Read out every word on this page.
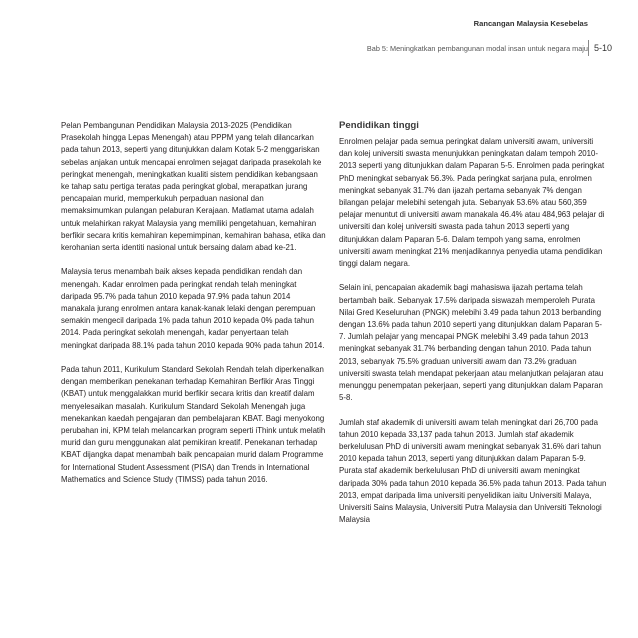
Rancangan Malaysia Kesebelas
Bab 5: Meningkatkan pembangunan modal insan untuk negara maju 5-10

Pelan Pembangunan Pendidikan Malaysia 2013-2025 (Pendidikan Prasekolah hingga Lepas Menengah) atau PPPM yang telah dilancarkan pada tahun 2013, seperti yang ditunjukkan dalam Kotak 5-2 menggariskan sebelas anjakan untuk mencapai enrolmen sejagat daripada prasekolah ke peringkat menengah, meningkatkan kualiti sistem pendidikan kebangsaan ke tahap satu pertiga teratas pada peringkat global, merapatkan jurang pencapaian murid, memperkukuh perpaduan nasional dan memaksimumkan pulangan pelaburan Kerajaan. Matlamat utama adalah untuk melahirkan rakyat Malaysia yang memiliki pengetahuan, kemahiran berfikir secara kritis kemahiran kepemimpinan, kemahiran bahasa, etika dan kerohanian serta identiti nasional untuk bersaing dalam abad ke-21.

Malaysia terus menambah baik akses kepada pendidikan rendah dan menengah. Kadar enrolmen pada peringkat rendah telah meningkat daripada 95.7% pada tahun 2010 kepada 97.9% pada tahun 2014 manakala jurang enrolmen antara kanak-kanak lelaki dengan perempuan semakin mengecil daripada 1% pada tahun 2010 kepada 0% pada tahun 2014. Pada peringkat sekolah menengah, kadar penyertaan telah meningkat daripada 88.1% pada tahun 2010 kepada 90% pada tahun 2014.

Pada tahun 2011, Kurikulum Standard Sekolah Rendah telah diperkenalkan dengan memberikan penekanan terhadap Kemahiran Berfikir Aras Tinggi (KBAT) untuk menggalakkan murid berfikir secara kritis dan kreatif dalam menyelesaikan masalah. Kurikulum Standard Sekolah Menengah juga menekankan kaedah pengajaran dan pembelajaran KBAT. Bagi menyokong perubahan ini, KPM telah melancarkan program seperti iThink untuk melatih murid dan guru menggunakan alat pemikiran kreatif. Penekanan terhadap KBAT dijangka dapat menambah baik pencapaian murid dalam Programme for International Student Assessment (PISA) dan Trends in International Mathematics and Science Study (TIMSS) pada tahun 2016.

Pendidikan tinggi

Enrolmen pelajar pada semua peringkat dalam universiti awam, universiti dan kolej universiti swasta menunjukkan peningkatan dalam tempoh 2010- 2013 seperti yang ditunjukkan dalam Paparan 5-5. Enrolmen pada peringkat PhD meningkat sebanyak 56.3%. Pada peringkat sarjana pula, enrolmen meningkat sebanyak 31.7% dan ijazah pertama sebanyak 7% dengan bilangan pelajar melebihi setengah juta. Sebanyak 53.6% atau 560,359 pelajar menuntut di universiti awam manakala 46.4% atau 484,963 pelajar di universiti dan kolej universiti swasta pada tahun 2013 seperti yang ditunjukkan dalam Paparan 5-6. Dalam tempoh yang sama, enrolmen universiti awam meningkat 21% menjadikannya penyedia utama pendidikan tinggi dalam negara.

Selain ini, pencapaian akademik bagi mahasiswa ijazah pertama telah bertambah baik. Sebanyak 17.5% daripada siswazah memperoleh Purata Nilai Gred Keseluruhan (PNGK) melebihi 3.49 pada tahun 2013 berbanding dengan 13.6% pada tahun 2010 seperti yang ditunjukkan dalam Paparan 5-7. Jumlah pelajar yang mencapai PNGK melebihi 3.49 pada tahun 2013 meningkat sebanyak 31.7% berbanding dengan tahun 2010. Pada tahun 2013, sebanyak 75.5% graduan universiti awam dan 73.2% graduan universiti swasta telah mendapat pekerjaan atau melanjutkan pelajaran atau menunggu penempatan pekerjaan, seperti yang ditunjukkan dalam Paparan 5-8.

Jumlah staf akademik di universiti awam telah meningkat dari 26,700 pada tahun 2010 kepada 33,137 pada tahun 2013. Jumlah staf akademik berkelulusan PhD di universiti awam meningkat sebanyak 31.6% dari tahun 2010 kepada tahun 2013, seperti yang ditunjukkan dalam Paparan 5-9. Purata staf akademik berkelulusan PhD di universiti awam meningkat daripada 30% pada tahun 2010 kepada 36.5% pada tahun 2013. Pada tahun 2013, empat daripada lima universiti penyelidikan iaitu Universiti Malaya, Universiti Sains Malaysia, Universiti Putra Malaysia dan Universiti Teknologi Malaysia
